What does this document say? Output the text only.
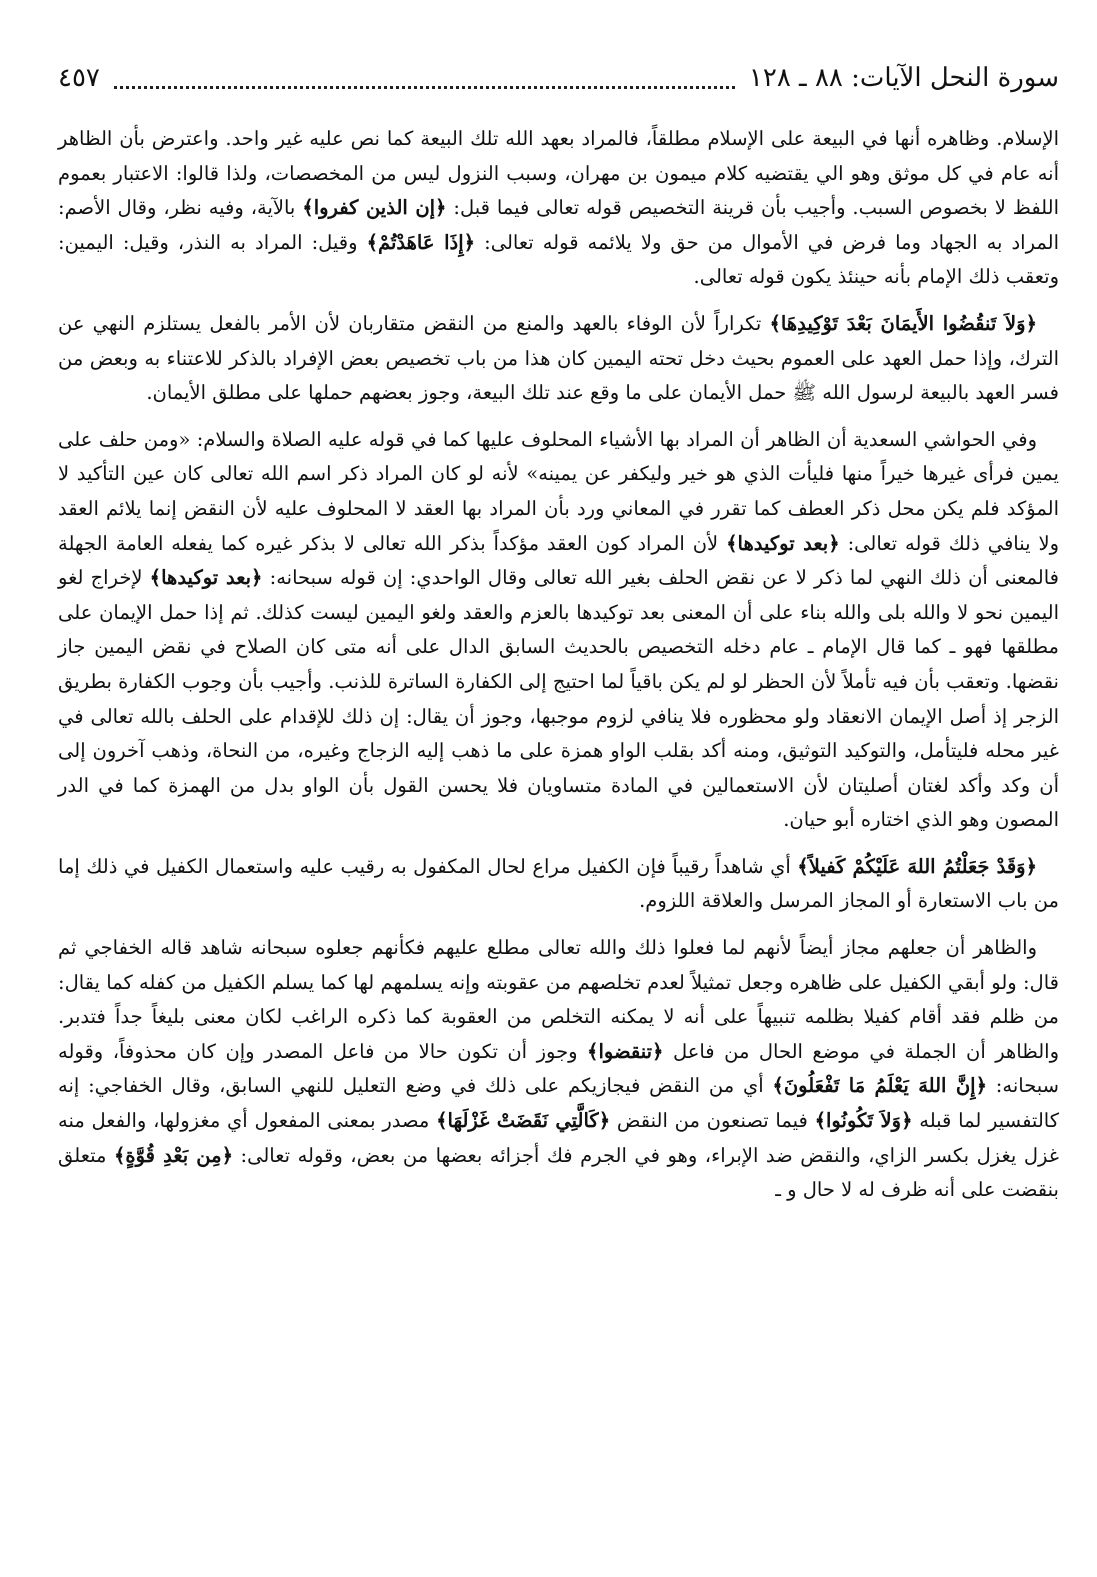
سورة النحل الآيات: ٨٨ ـ ١٢٨
٤٥٧

الإسلام. وظاهره أنها في البيعة على الإسلام مطلقاً، فالمراد بعهد الله تلك البيعة كما نص عليه غير واحد. واعترض بأن الظاهر أنه عام في كل موثق وهو الي يقتضيه كلام ميمون بن مهران، وسبب النزول ليس من المخصصات، ولذا قالوا: الاعتبار بعموم اللفظ لا بخصوص السبب. وأجيب بأن قرينة التخصيص قوله تعالى فيما قبل: ﴿إن الذين كفروا﴾ بالآية، وفيه نظر، وقال الأصم: المراد به الجهاد وما فرض في الأموال من حق ولا يلائمه قوله تعالى: ﴿إِذَا عَاهَدْتُمْ﴾ وقيل: المراد به النذر، وقيل: اليمين: وتعقب ذلك الإمام بأنه حينئذ يكون قوله تعالى.

﴿وَلاَ تَنقُضُوا الأَيمَانَ بَعْدَ تَوْكِيدِهَا﴾ تكراراً لأن الوفاء بالعهد والمنع من النقض متقاربان لأن الأمر بالفعل يستلزم النهي عن الترك، وإذا حمل العهد على العموم بحيث دخل تحته اليمين كان هذا من باب تخصيص بعض الإفراد بالذكر للاعتناء به وبعض من فسر العهد بالبيعة لرسول الله ﷺ حمل الأيمان على ما وقع عند تلك البيعة، وجوز بعضهم حملها على مطلق الأيمان.

وفي الحواشي السعدية أن الظاهر أن المراد بها الأشياء المحلوف عليها كما في قوله عليه الصلاة والسلام: «ومن حلف على يمين فرأى غيرها خيراً منها فليأت الذي هو خير وليكفر عن يمينه» لأنه لو كان المراد ذكر اسم الله تعالى كان عين التأكيد لا المؤكد فلم يكن محل ذكر العطف كما تقرر في المعاني ورد بأن المراد بها العقد لا المحلوف عليه لأن النقض إنما يلائم العقد ولا ينافي ذلك قوله تعالى: ﴿بعد توكيدها﴾ لأن المراد كون العقد مؤكداً بذكر الله تعالى لا بذكر غيره كما يفعله العامة الجهلة فالمعنى أن ذلك النهي لما ذكر لا عن نقض الحلف بغير الله تعالى وقال الواحدي: إن قوله سبحانه: ﴿بعد توكيدها﴾ لإخراج لغو اليمين نحو لا والله بلى والله بناء على أن المعنى بعد توكيدها بالعزم والعقد ولغو اليمين ليست كذلك. ثم إذا حمل الإيمان على مطلقها فهو ـ كما قال الإمام ـ عام دخله التخصيص بالحديث السابق الدال على أنه متى كان الصلاح في نقض اليمين جاز نقضها. وتعقب بأن فيه تأملاً لأن الحظر لو لم يكن باقياً لما احتيج إلى الكفارة الساترة للذنب. وأجيب بأن وجوب الكفارة بطريق الزجر إذ أصل الإيمان الانعقاد ولو محظوره فلا ينافي لزوم موجبها، وجوز أن يقال: إن ذلك للإقدام على الحلف بالله تعالى في غير محله فليتأمل، والتوكيد التوثيق، ومنه أكد بقلب الواو همزة على ما ذهب إليه الزجاج وغيره، من النحاة، وذهب آخرون إلى أن وكد وأكد لغتان أصليتان لأن الاستعمالين في المادة متساويان فلا يحسن القول بأن الواو بدل من الهمزة كما في الدر المصون وهو الذي اختاره أبو حيان.

﴿وَقَدْ جَعَلْتُمُ اللهَ عَلَيْكُمْ كَفيلاً﴾ أي شاهداً رقيباً فإن الكفيل مراع لحال المكفول به رقيب عليه واستعمال الكفيل في ذلك إما من باب الاستعارة أو المجاز المرسل والعلاقة اللزوم.

والظاهر أن جعلهم مجاز أيضاً لأنهم لما فعلوا ذلك والله تعالى مطلع عليهم فكأنهم جعلوه سبحانه شاهد قاله الخفاجي ثم قال: ولو أبقي الكفيل على ظاهره وجعل تمثيلاً لعدم تخلصهم من عقوبته وإنه يسلمهم لها كما يسلم الكفيل من كفله كما يقال: من ظلم فقد أقام كفيلا بظلمه تنبيهاً على أنه لا يمكنه التخلص من العقوبة كما ذكره الراغب لكان معنى بليغاً جداً فتدبر. والظاهر أن الجملة في موضع الحال من فاعل ﴿تنقضوا﴾ وجوز أن تكون حالا من فاعل المصدر وإن كان محذوفاً، وقوله سبحانه: ﴿إِنَّ اللهَ يَعْلَمُ مَا تَفْعَلُونَ﴾ أي من النقض فيجازيكم على ذلك في وضع التعليل للنهي السابق، وقال الخفاجي: إنه كالتفسير لما قبله ﴿وَلاَ تَكُونُوا﴾ فيما تصنعون من النقض ﴿كَالَّتِي نَقَضَتْ غَزْلَهَا﴾ مصدر بمعنى المفعول أي مغزولها، والفعل منه غزل يغزل بكسر الزاي، والنقض ضد الإبراء، وهو في الجرم فك أجزائه بعضها من بعض، وقوله تعالى: ﴿مِن بَعْدِ قُوَّةٍ﴾ متعلق بنقضت على أنه ظرف له لا حال و ـ
